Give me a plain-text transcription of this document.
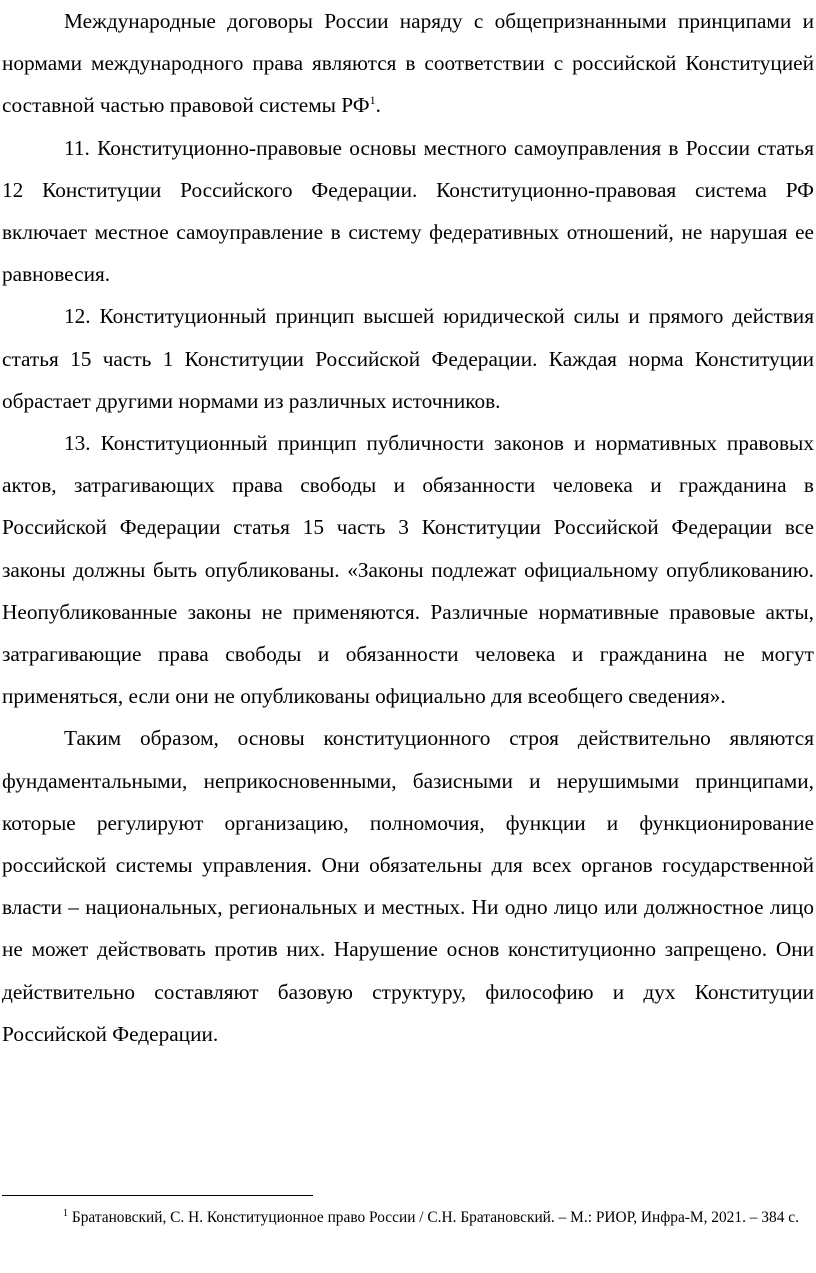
Международные договоры России наряду с общепризнанными принципами и нормами международного права являются в соответствии с российской Конституцией составной частью правовой системы $РФ^1$.

11. Конституционно-правовые основы местного самоуправления в России статья 12 Конституции Российского Федерации. Конституционно-правовая система РФ включает местное самоуправление в систему федеративных отношений, не нарушая ее равновесия.

12. Конституционный принцип высшей юридической силы и прямого действия статья 15 часть 1 Конституции Российской Федерации. Каждая норма Конституции обрастает другими нормами из различных источников.

13. Конституционный принцип публичности законов и нормативных правовых актов, затрагивающих права свободы и обязанности человека и гражданина в Российской Федерации статья 15 часть 3 Конституции Российской Федерации все законы должны быть опубликованы. «Законы подлежат официальному опубликованию. Неопубликованные законы не применяются. Различные нормативные правовые акты, затрагивающие права свободы и обязанности человека и гражданина не могут применяться, если они не опубликованы официально для всеобщего сведения».

Таким образом, основы конституционного строя действительно являются фундаментальными, неприкосновенными, базисными и нерушимыми принципами, которые регулируют организацию, полномочия, функции и функционирование российской системы управления. Они обязательны для всех органов государственной власти – национальных, региональных и местных. Ни одно лицо или должностное лицо не может действовать против них. Нарушение основ конституционно запрещено. Они действительно составляют базовую структуру, философию и дух Конституции Российской Федерации.

$^1$ Братановский, С. Н. Конституционное право России / С.Н. Братановский. – М.: РИОР, Инфра-М, 2021. – 384 с.
